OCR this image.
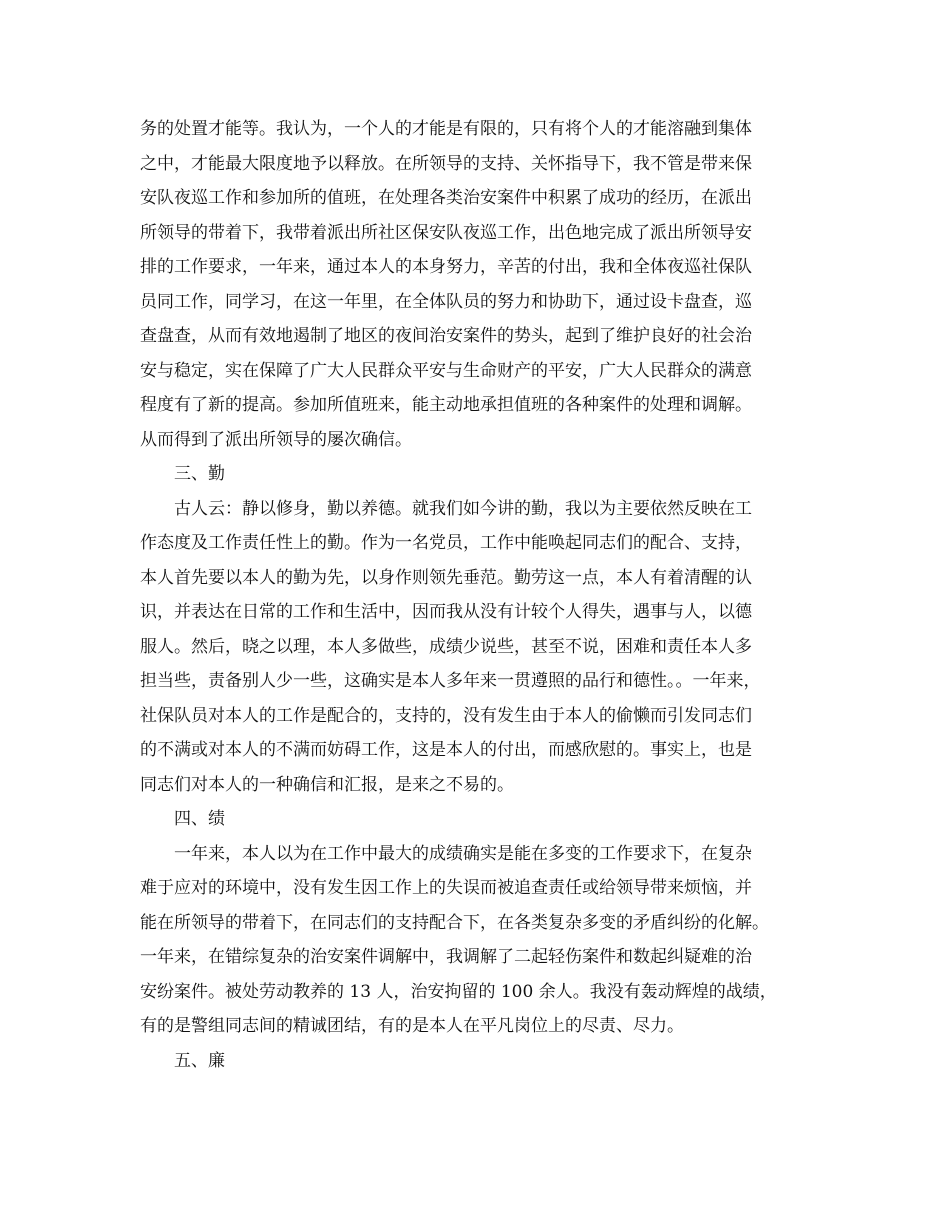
务的处置才能等。我认为，一个人的才能是有限的，只有将个人的才能溶融到集体
之中，才能最大限度地予以释放。在所领导的支持、关怀指导下，我不管是带来保
安队夜巡工作和参加所的值班，在处理各类治安案件中积累了成功的经历，在派出
所领导的带着下，我带着派出所社区保安队夜巡工作，出色地完成了派出所领导安
排的工作要求，一年来，通过本人的本身努力，辛苦的付出，我和全体夜巡社保队
员同工作，同学习，在这一年里，在全体队员的努力和协助下，通过设卡盘查，巡
查盘查，从而有效地遏制了地区的夜间治安案件的势头，起到了维护良好的社会治
安与稳定，实在保障了广大人民群众平安与生命财产的平安，广大人民群众的满意
程度有了新的提高。参加所值班来，能主动地承担值班的各种案件的处理和调解。
从而得到了派出所领导的屡次确信。
三、勤
古人云：静以修身，勤以养德。就我们如今讲的勤，我以为主要依然反映在工
作态度及工作责任性上的勤。作为一名党员，工作中能唤起同志们的配合、支持，
本人首先要以本人的勤为先，以身作则领先垂范。勤劳这一点，本人有着清醒的认
识，并表达在日常的工作和生活中，因而我从没有计较个人得失，遇事与人，以德
服人。然后，晓之以理，本人多做些，成绩少说些，甚至不说，困难和责任本人多
担当些，责备别人少一些，这确实是本人多年来一贯遵照的品行和德性。。一年来，
社保队员对本人的工作是配合的，支持的，没有发生由于本人的偷懒而引发同志们
的不满或对本人的不满而妨碍工作，这是本人的付出，而感欣慰的。事实上，也是
同志们对本人的一种确信和汇报，是来之不易的。
四、绩
一年来，本人以为在工作中最大的成绩确实是能在多变的工作要求下，在复杂
难于应对的环境中，没有发生因工作上的失误而被追查责任或给领导带来烦恼，并
能在所领导的带着下，在同志们的支持配合下，在各类复杂多变的矛盾纠纷的化解。
一年来，在错综复杂的治安案件调解中，我调解了二起轻伤案件和数起纠疑难的治
安纷案件。被处劳动教养的 13 人，治安拘留的 100 余人。我没有轰动辉煌的战绩，
有的是警组同志间的精诚团结，有的是本人在平凡岗位上的尽责、尽力。
五、廉
